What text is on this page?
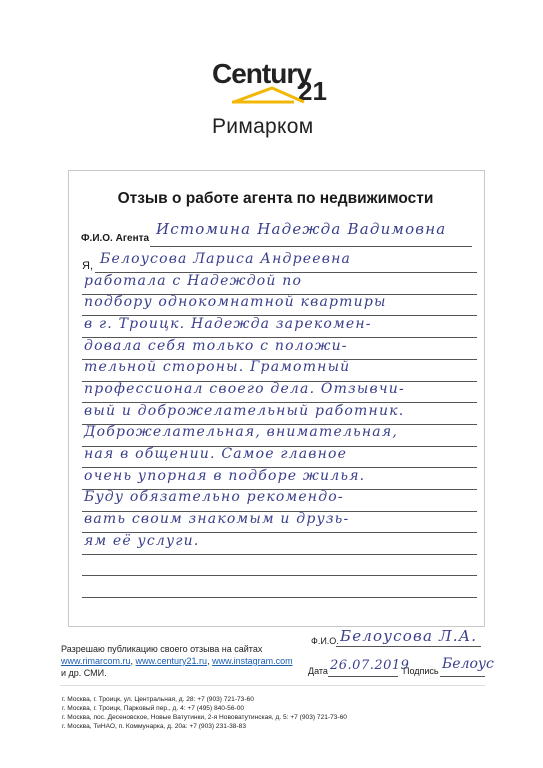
Century
21
Римарком
Отзыв о работе агента по недвижимости
Ф.И.О. Агента
Истомина Надежда Вадимовна
Я, Белоусова Лариса Андреевна
работала с Надеждой по
подбору однокомнатной квартиры
в г. Троицк. Надежда зарекомен-
довала себя только с положи-
тельной стороны. Грамотный
профессионал своего дела. Отзывчи-
вый и доброжелательный работник.
Доброжелательная, внимательная,
ная в общении. Самое главное
очень упорная в подборе жилья.
Буду обязательно рекомендо-
вать своим знакомым и друзь-
ям её услуги.
Разрешаю публикацию своего отзыва на сайтах
www.rimarcom.ru, www.century21.ru, www.instagram.com
и др. СМИ.
Ф.И.О. Белоусова Л.А.
Дата 26.07.2019
Подпись Белоус
г. Москва, г. Троицк, ул. Центральная, д. 28: +7 (903) 721-73-60
г. Москва, г. Троицк, Парковый пер., д. 4: +7 (495) 840-56-00
г. Москва, пос. Десеновское, Новые Ватутинки, 2-я Нововатутинская, д. 5: +7 (903) 721-73-60
г. Москва, ТиНАО, п. Коммунарка, д. 20а: +7 (903) 231-38-83
